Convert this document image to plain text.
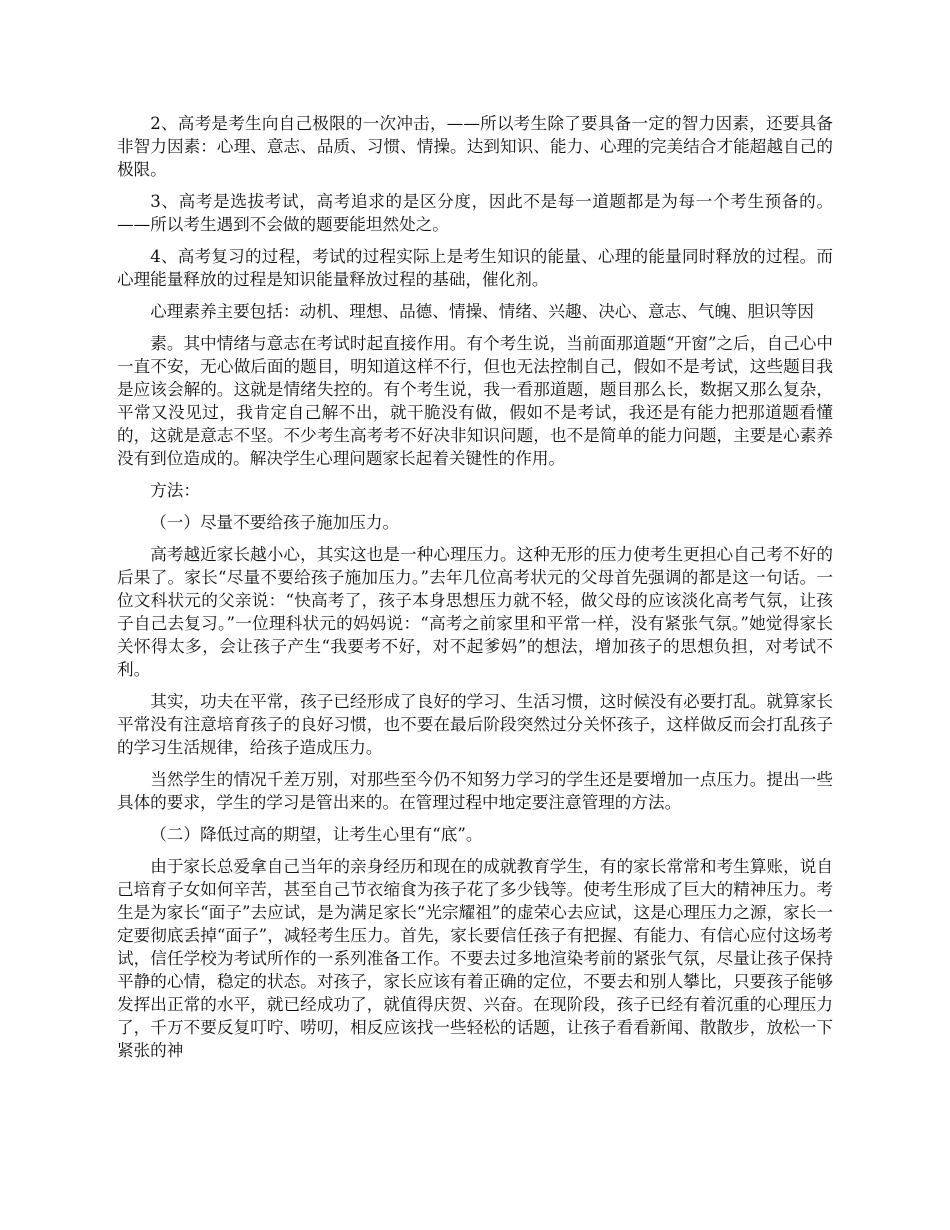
2、高考是考生向自己极限的一次冲击，——所以考生除了要具备一定的智力因素，还要具备非智力因素：心理、意志、品质、习惯、情操。达到知识、能力、心理的完美结合才能超越自己的极限。

3、高考是选拔考试，高考追求的是区分度，因此不是每一道题都是为每一个考生预备的。——所以考生遇到不会做的题要能坦然处之。

4、高考复习的过程，考试的过程实际上是考生知识的能量、心理的能量同时释放的过程。而心理能量释放的过程是知识能量释放过程的基础，催化剂。

心理素养主要包括：动机、理想、品德、情操、情绪、兴趣、决心、意志、气魄、胆识等因

素。其中情绪与意志在考试时起直接作用。有个考生说，当前面那道题“开窗”之后，自己心中一直不安，无心做后面的题目，明知道这样不行，但也无法控制自己，假如不是考试，这些题目我是应该会解的。这就是情绪失控的。有个考生说，我一看那道题，题目那么长，数据又那么复杂，平常又没见过，我肯定自己解不出，就干脆没有做，假如不是考试，我还是有能力把那道题看懂的，这就是意志不坚。不少考生高考考不好决非知识问题，也不是简单的能力问题，主要是心素养没有到位造成的。解决学生心理问题家长起着关键性的作用。

方法：

（一）尽量不要给孩子施加压力。

高考越近家长越小心，其实这也是一种心理压力。这种无形的压力使考生更担心自己考不好的后果了。家长“尽量不要给孩子施加压力。”去年几位高考状元的父母首先强调的都是这一句话。一位文科状元的父亲说：“快高考了，孩子本身思想压力就不轻，做父母的应该淡化高考气氛，让孩子自己去复习。”一位理科状元的妈妈说：“高考之前家里和平常一样，没有紧张气氛。”她觉得家长关怀得太多，会让孩子产生“我要考不好，对不起爹妈”的想法，增加孩子的思想负担，对考试不利。

其实，功夫在平常，孩子已经形成了良好的学习、生活习惯，这时候没有必要打乱。就算家长平常没有注意培育孩子的良好习惯，也不要在最后阶段突然过分关怀孩子，这样做反而会打乱孩子的学习生活规律，给孩子造成压力。

当然学生的情况千差万别，对那些至今仍不知努力学习的学生还是要增加一点压力。提出一些具体的要求，学生的学习是管出来的。在管理过程中地定要注意管理的方法。

（二）降低过高的期望，让考生心里有“底”。

由于家长总爱拿自己当年的亲身经历和现在的成就教育学生，有的家长常常和考生算账，说自己培育子女如何辛苦，甚至自己节衣缩食为孩子花了多少钱等。使考生形成了巨大的精神压力。考生是为家长“面子”去应试，是为满足家长“光宗耀祖”的虚荣心去应试，这是心理压力之源，家长一定要彻底丢掉“面子”，减轻考生压力。首先，家长要信任孩子有把握、有能力、有信心应付这场考试，信任学校为考试所作的一系列准备工作。不要去过多地渲染考前的紧张气氛，尽量让孩子保持平静的心情，稳定的状态。对孩子，家长应该有着正确的定位，不要去和别人攀比，只要孩子能够发挥出正常的水平，就已经成功了，就值得庆贺、兴奋。在现阶段，孩子已经有着沉重的心理压力了，千万不要反复叮咛、唠叨，相反应该找一些轻松的话题，让孩子看看新闻、散散步，放松一下紧张的神
